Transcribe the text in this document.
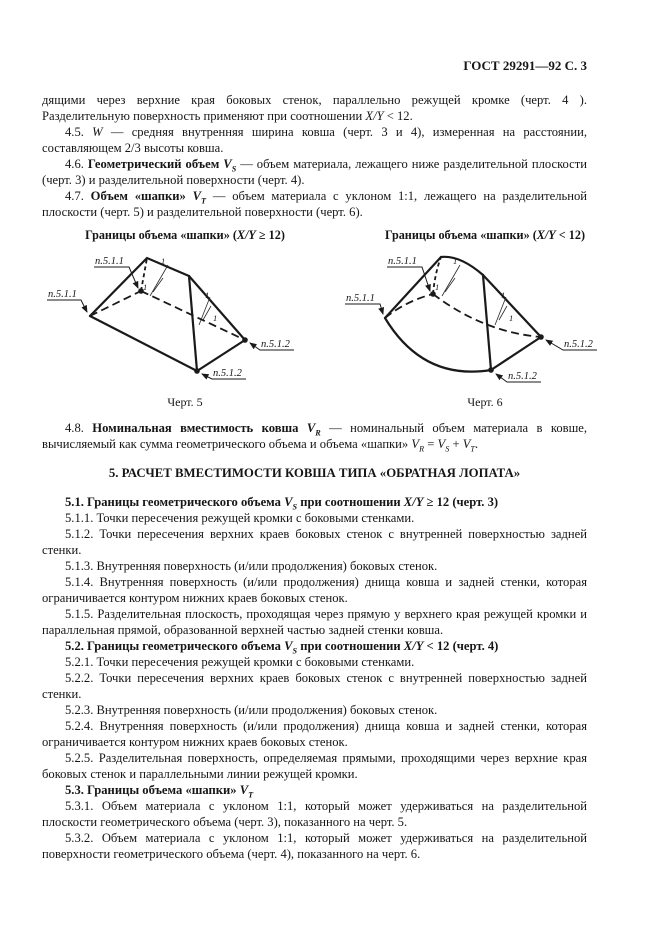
ГОСТ 29291—92 С. 3

дящими через верхние края боковых стенок, параллельно режущей кромке (черт. 4 ). Разделительную поверхность применяют при соотношении X/Y < 12.

4.5. W — средняя внутренняя ширина ковша (черт. 3 и 4), измеренная на расстоянии, составляющем 2/3 высоты ковша.

4.6. Геометрический объем $V_S$ — объем материала, лежащего ниже разделительной плоскости (черт. 3) и разделительной поверхности (черт. 4).

4.7. Объем «шапки» $V_T$ — объем материала с уклоном 1:1, лежащего на разделительной плоскости (черт. 5) и разделительной поверхности (черт. 6).

Границы объема «шапки» (X/Y ≥ 12)

1
1
1
1
п.5.1.1
п.5.1.1
п.5.1.2
п.5.1.2

Черт. 5

Границы объема «шапки» (X/Y < 12)

1
1
1
1
п.5.1.1
п.5.1.1
п.5.1.2
п.5.1.2

Черт. 6

4.8. Номинальная вместимость ковша $V_R$ — номинальный объем материала в ковше, вычисляемый как сумма геометрического объема и объема «шапки» $V_R = V_S + V_T$.

5. РАСЧЕТ ВМЕСТИМОСТИ КОВША ТИПА «ОБРАТНАЯ ЛОПАТА»

5.1. Границы геометрического объема $V_S$ при соотношении X/Y ≥ 12 (черт. 3)

5.1.1. Точки пересечения режущей кромки с боковыми стенками.

5.1.2. Точки пересечения верхних краев боковых стенок с внутренней поверхностью задней стенки.

5.1.3. Внутренняя поверхность (и/или продолжения) боковых стенок.

5.1.4. Внутренняя поверхность (и/или продолжения) днища ковша и задней стенки, которая ограничивается контуром нижних краев боковых стенок.

5.1.5. Разделительная плоскость, проходящая через прямую у верхнего края режущей кромки и параллельная прямой, образованной верхней частью задней стенки ковша.

5.2. Границы геометрического объема $V_S$ при соотношении X/Y < 12 (черт. 4)

5.2.1. Точки пересечения режущей кромки с боковыми стенками.

5.2.2. Точки пересечения верхних краев боковых стенок с внутренней поверхностью задней стенки.

5.2.3. Внутренняя поверхность (и/или продолжения) боковых стенок.

5.2.4. Внутренняя поверхность (и/или продолжения) днища ковша и задней стенки, которая ограничивается контуром нижних краев боковых стенок.

5.2.5. Разделительная поверхность, определяемая прямыми, проходящими через верхние края боковых стенок и параллельными линии режущей кромки.

5.3. Границы объема «шапки» $V_T$

5.3.1. Объем материала с уклоном 1:1, который может удерживаться на разделительной плоскости геометрического объема (черт. 3), показанного на черт. 5.

5.3.2. Объем материала с уклоном 1:1, который может удерживаться на разделительной поверхности геометрического объема (черт. 4), показанного на черт. 6.
